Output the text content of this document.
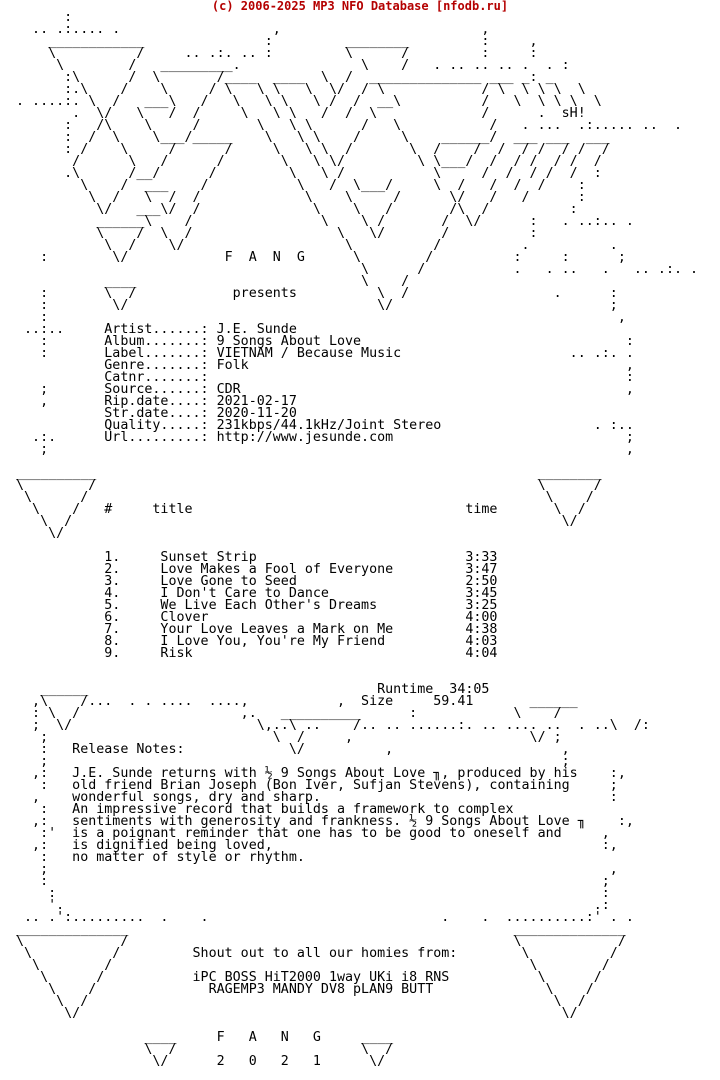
(c) 2006-2025 MP3 NFO Database [nfodb.ru]
:
.. .:.... .                   ,                         ,
____________               :         ________         :     ,
\          /     .. .:. .. :         \      /         :     :
\        /   _________.               \    /   . .. .. .. .  . :
:\      /  \       /____  ____  \  /  ______________ ___ _: _
:.\    /    \     / \   \ \   \  \/  / \            / \  \ \ \  \
. ....:. \  /   ___\   /   \   \ \   \ /  /  __\          /   \  \ \ \  \
.  \/   \   /  /     \   \ \   /  /  \             /      .  sH!
:   /\    \     /       \   \ \      /   \           /   . ...  .:..... ..  .
:  /  \    \___/_____    \   \ \    /     \    ______/  ___ ___  ___
: /    \     /      /     \   \ \  /       \  /    /  /  / /  / /  /
/      \   /      /       \   \ \/         \ \___/  /  / /  / /  /
.\      /__/      /         \   \ /           \     /  /  / /  /  :
\    /  ___    /           \   /  \___/     \  /   /  /  /    :
\  /   \  /  /             \    \     /      \/   /   /      :
\/   ___\/  /              \    \   /       /\  /          :
______\    /                \    \ /       /  \/      :   . ..:.. .
\    /  \  /                  \   \/       /          :
\  /    \/                    \          /          .          .
:        \/            F  A  N  G      \        /          :     :      ;
\      /           .   . ..   .   .. .:. .
____                            \    /
:       \  /            presents          \  /                  .      :
:        \/                               \/                           ;
:                                                                       ,
..:..     Artist......: J.E. Sunde
:       Album.......: 9 Songs About Love                                 :
:       Label.......: VIETNAM / Because Music                     .. .:. .
Genre.......: Folk                                               ,
Catnr.......:                                                    :
;       Source......: CDR                                                ,
,       Rip.date....: 2021-02-17
Str.date....: 2020-11-20
Quality.....: 231kbps/44.1kHz/Joint Stereo                   . :..
.:.      Url.........: http://www.jesunde.com                             ;
;                                                                        ,

__________                                                       ________
\        /                                                       \      /
\      /                                                         \    /
\    /   #     title                                  time       \  /
\  /                                                             \/
\/

1.     Sunset Strip                          3:33
2.     Love Makes a Fool of Everyone         3:47
3.     Love Gone to Seed                     2:50
4.     I Don't Care to Dance                 3:45
5.     We Live Each Other's Dreams           3:25
6.     Clover                                4:00
7.     Your Love Leaves a Mark on Me         4:38
8.     I Love You, You're My Friend          4:03
9.     Risk                                  4:04

______                                    Runtime  34:05
,\    /...  . . ....  ....,           ,  Size     59.41       ______
: \  /                    ,.   __________      :            \    /
;  \/                       \,..\ ..    /.. .. ......:. .. .... ..  . ..\  /:
;                            \  /     ,                      \/ ;
:   Release Notes:             \/          ,                     ,
;                                                                ;
,:   J.E. Sunde returns with ½ 9 Songs About Love ╖, produced by his    :,
:   old friend Brian Joseph (Bon Iver, Sufjan Stevens), containing     ;
,    wonderful songs, dry and sharp.                                    :
:   An impressive record that builds a framework to complex
,:   sentiments with generosity and frankness. ½ 9 Songs About Love ╖    :,
:'  is a poignant reminder that one has to be good to oneself and     ,
,:   is dignified being loved,                                         :,
:   no matter of style or rhythm.
;                                                                      ,
:                                                                     ;
:                                                                    :
'.                                                                  .:
.. .':.........  .    .                             .    .  ..........:' . .
______________                                                ______________
\            /                                                \            /
\          /         Shout out to all our homies from:        \          /
\        /                                                    \        /
\      /           iPC BOSS HiT2000 1way UKi i8 RNS           \      /
\    /              RAGEMP3 MANDY DV8 pLAN9 BUTT              \    /
\  /                                                          \  /
\/                                                            \/

____     F   A   N   G     ____
\  /                       \  /
\/      2   0   2   1      \/
